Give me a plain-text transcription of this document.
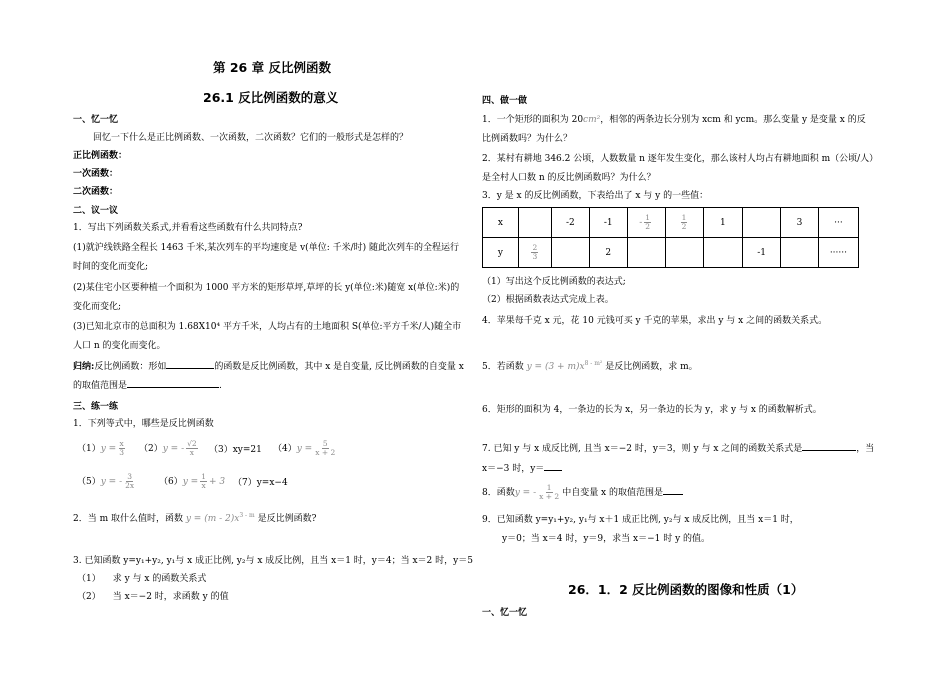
第 26 章 反比例函数
26.1 反比例函数的意义
一、忆一忆
回忆一下什么是正比例函数、一次函数，二次函数？它们的一般形式是怎样的？
正比例函数：
一次函数：
二次函数：
二、议一议
1．写出下列函数关系式,并看看这些函数有什么共同特点?
(1)就沪线铁路全程长 1463 千米,某次列车的平均速度是 v(单位: 千米/时) 随此次列车的全程运行时间的变化而变化;
(2)某住宅小区要种植一个面积为 1000 平方米的矩形草坪,草坪的长 y(单位:米)随宽 x(单位:米)的变化而变化;
(3)已知北京市的总面积为 1.68X10⁴ 平方千米，人均占有的土地面积 S(单位:平方千米/人)随全市人口 n 的变化而变化。
归纳:反比例函数：形如	的函数是反比例函数，其中 x 是自变量, 反比例函数的自变量 x 的取值范围是	.
三、练一练
1．下列等式中，哪些是反比例函数
$(1)y = \frac{x}{3} (2)y$ = - $\frac{√2}{x} (3)xy=21$ $(4)y = \frac{5}{x + 2}$
（5）y = - $\frac{3}{2x}$	$(6)y = \frac{1}{x} + 3$ （7）y=x−4
2．当 m 取什么值时，函数 $y = (m - 2)x^{3 - m}$ 是反比例函数?
3. 已知函数 y=y₁+y₂, y₁与 x 成正比例, y₂与 x 成反比例，且当 x＝1 时，y＝4；当 x＝2 时，y＝5
（1） 求 y 与 x 的函数关系式
（2） 当 x＝−2 时，求函数 y 的值
四、做一做
1．一个矩形的面积为 20cm²，相邻的两条边长分别为 xcm 和 ycm。那么变量 y 是变量 x 的反比例函数吗？为什么？
2．某村有耕地 346.2 公顷，人数数量 n 逐年发生变化，那么该村人均占有耕地面积 m（公顷/人）是全村人口数 n 的反比例函数吗？为什么？
3．y 是 x 的反比例函数，下表给出了 x 与 y 的一些值：
x		-2	-1	- $\frac{1}{2}$	$\frac{1}{2}$	1		3	···
y	$\frac{2}{3}$		2				-1		······
（1）写出这个反比例函数的表达式;
（2）根据函数表达式完成上表。
4．苹果每千克 x 元，花 10 元钱可买 y 千克的苹果，求出 y 与 x 之间的函数关系式。
5．若函数 $y = (3 + m)x^{8 - m^2}$ 是反比例函数，求 m。
6．矩形的面积为 4，一条边的长为 x，另一条边的长为 y，求 y 与 x 的函数解析式。
7. 已知 y 与 x 成反比例, 且当 x＝−2 时，y＝3，则 y 与 x 之间的函数关系式是	，当 x＝−3 时，y＝
8．函数y = - $\frac{1}{x + 2}$ 中自变量 x 的取值范围是
9．已知函数 y=y₁+y₂, y₁与 x＋1 成正比例, y₂与 x 成反比例，且当 x＝1 时，
y＝0；当 x＝4 时，y＝9，求当 x＝−1 时 y 的值。
26．1．2 反比例函数的图像和性质（1）
一、忆一忆
